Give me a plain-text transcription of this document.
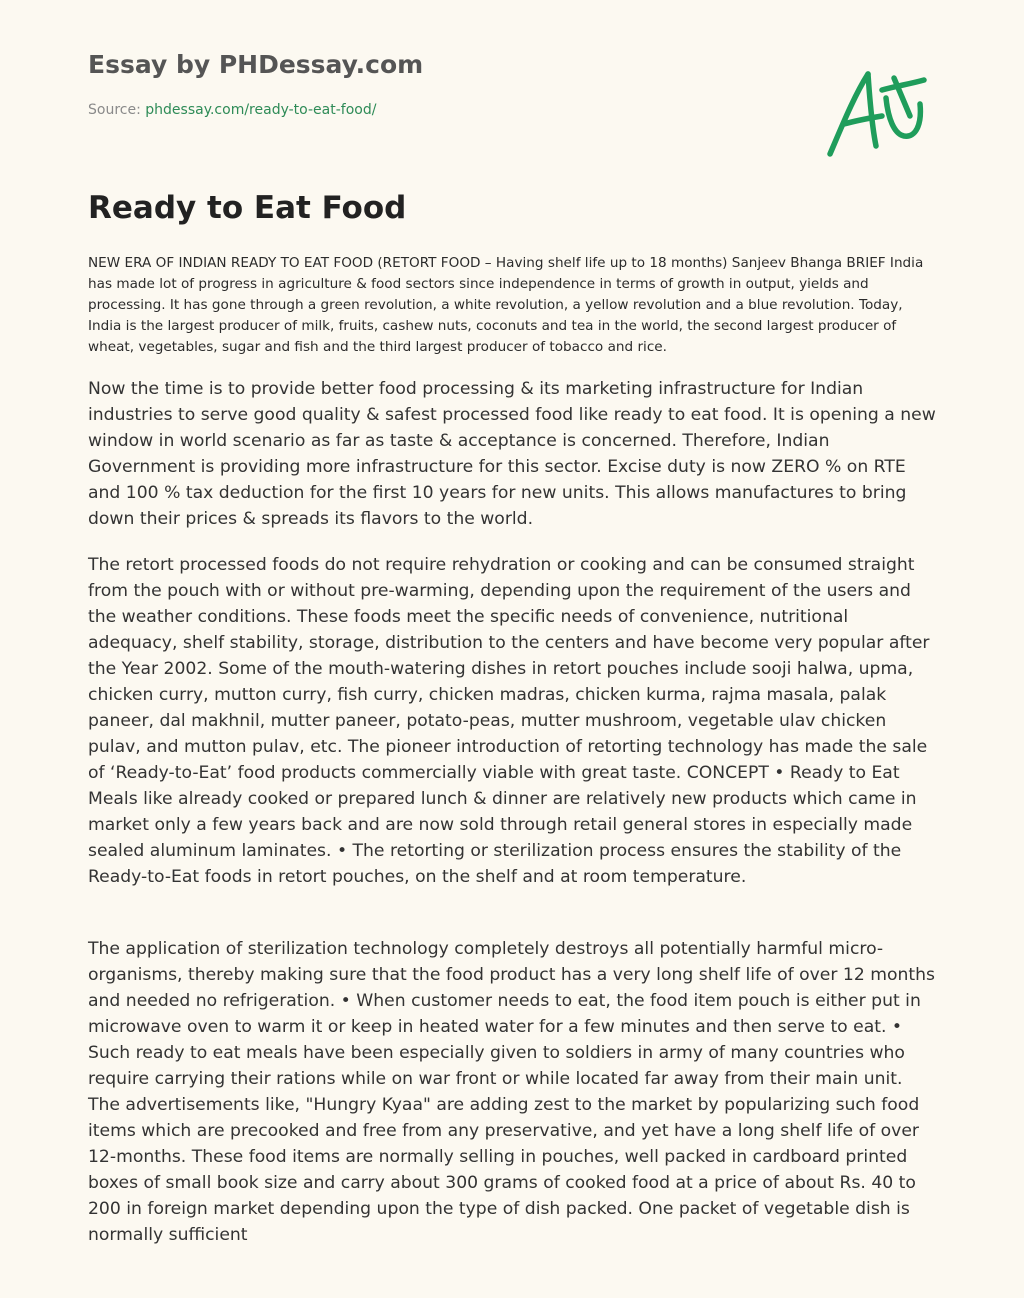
Essay by PHDessay.com
Source: phdessay.com/ready-to-eat-food/
Ready to Eat Food

NEW ERA OF INDIAN READY TO EAT FOOD (RETORT FOOD – Having shelf life up to 18 months) Sanjeev Bhanga BRIEF India has made lot of progress in agriculture & food sectors since independence in terms of growth in output, yields and processing. It has gone through a green revolution, a white revolution, a yellow revolution and a blue revolution. Today, India is the largest producer of milk, fruits, cashew nuts, coconuts and tea in the world, the second largest producer of wheat, vegetables, sugar and fish and the third largest producer of tobacco and rice.

Now the time is to provide better food processing & its marketing infrastructure for Indian industries to serve good quality & safest processed food like ready to eat food. It is opening a new window in world scenario as far as taste & acceptance is concerned. Therefore, Indian Government is providing more infrastructure for this sector. Excise duty is now ZERO % on RTE and 100 % tax deduction for the first 10 years for new units. This allows manufactures to bring down their prices & spreads its flavors to the world.

The retort processed foods do not require rehydration or cooking and can be consumed straight from the pouch with or without pre-warming, depending upon the requirement of the users and the weather conditions. These foods meet the specific needs of convenience, nutritional adequacy, shelf stability, storage, distribution to the centers and have become very popular after the Year 2002. Some of the mouth-watering dishes in retort pouches include sooji halwa, upma, chicken curry, mutton curry, fish curry, chicken madras, chicken kurma, rajma masala, palak paneer, dal makhnil, mutter paneer, potato-peas, mutter mushroom, vegetable ulav chicken pulav, and mutton pulav, etc. The pioneer introduction of retorting technology has made the sale of ‘Ready-to-Eat’ food products commercially viable with great taste. CONCEPT • Ready to Eat Meals like already cooked or prepared lunch & dinner are relatively new products which came in market only a few years back and are now sold through retail general stores in especially made sealed aluminum laminates. • The retorting or sterilization process ensures the stability of the Ready-to-Eat foods in retort pouches, on the shelf and at room temperature.

The application of sterilization technology completely destroys all potentially harmful micro-organisms, thereby making sure that the food product has a very long shelf life of over 12 months and needed no refrigeration. • When customer needs to eat, the food item pouch is either put in microwave oven to warm it or keep in heated water for a few minutes and then serve to eat. • Such ready to eat meals have been especially given to soldiers in army of many countries who require carrying their rations while on war front or while located far away from their main unit. The advertisements like, "Hungry Kyaa" are adding zest to the market by popularizing such food items which are precooked and free from any preservative, and yet have a long shelf life of over 12-months. These food items are normally selling in pouches, well packed in cardboard printed boxes of small book size and carry about 300 grams of cooked food at a price of about Rs. 40 to 200 in foreign market depending upon the type of dish packed. One packet of vegetable dish is normally sufficient
